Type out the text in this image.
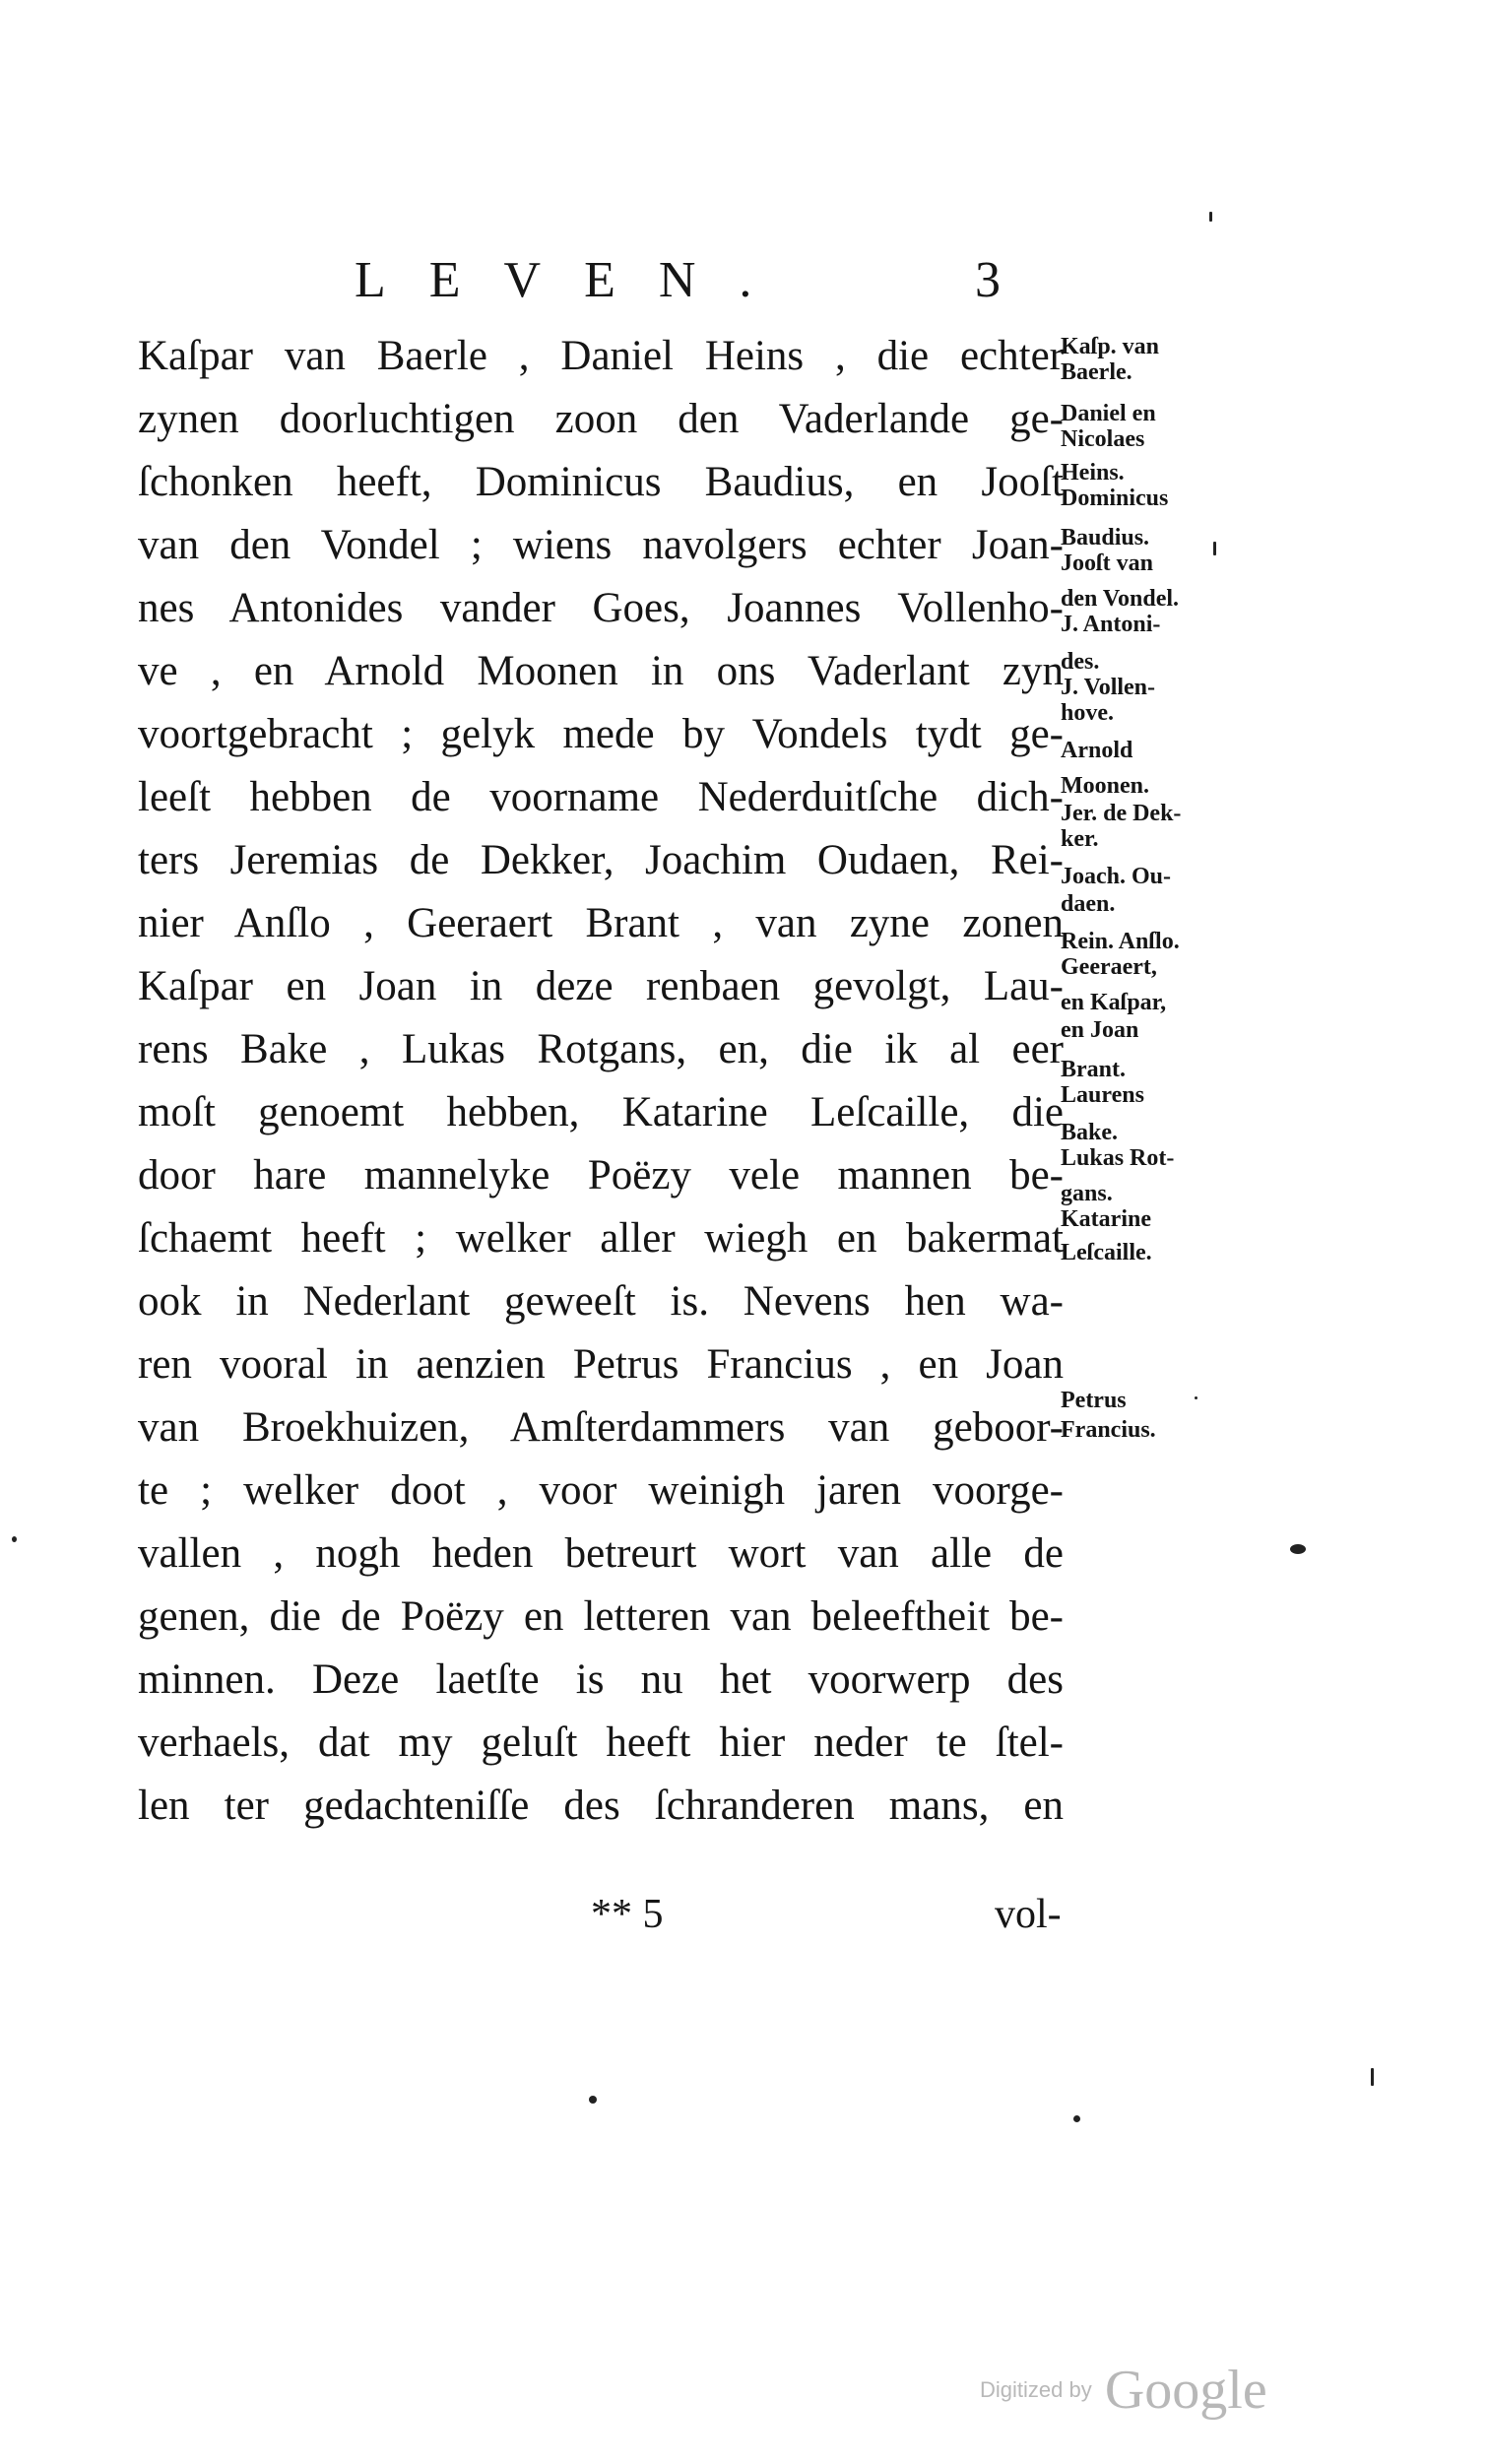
LEVEN.	3
Kaſpar van Baerle , Daniel Heins , die echter
zynen doorluchtigen zoon den Vaderlande ge-
ſchonken heeft, Dominicus Baudius, en Jooſt
van den Vondel ; wiens navolgers echter Joan-
nes Antonides vander Goes, Joannes Vollenho-
ve , en Arnold Moonen in ons Vaderlant zyn
voortgebracht ; gelyk mede by Vondels tydt ge-
leeſt hebben de voorname Nederduitſche dich-
ters Jeremias de Dekker, Joachim Oudaen, Rei-
nier Anſlo , Geeraert Brant , van zyne zonen
Kaſpar en Joan in deze renbaen gevolgt, Lau-
rens Bake , Lukas Rotgans, en, die ik al eer
moſt genoemt hebben, Katarine Leſcaille, die
door hare mannelyke Poëzy vele mannen be-
ſchaemt heeft ; welker aller wiegh en bakermat
ook in Nederlant geweeſt is. Nevens hen wa-
ren vooral in aenzien Petrus Francius , en Joan
van Broekhuizen, Amſterdammers van geboor-
te ; welker doot , voor weinigh jaren voorge-
vallen , nogh heden betreurt wort van alle de
genen, die de Poëzy en letteren van beleeftheit be-
minnen. Deze laetſte is nu het voorwerp des
verhaels, dat my geluſt heeft hier neder te ſtel-
len ter gedachteniſſe des ſchranderen mans, en
Kaſp. van
Baerle.
Daniel en
Nicolaes
Heins.
Dominicus
Baudius.
Jooſt van
den Vondel.
J. Antoni-
des.
J. Vollen-
hove.
Arnold
Moonen.
Jer. de Dek-
ker.
Joach. Ou-
daen.
Rein. Anſlo.
Geeraert,
en Kaſpar,
en Joan
Brant.
Laurens
Bake.
Lukas Rot-
gans.
Katarine
Leſcaille.
Petrus
Francius.
** 5	vol-
Digitized by Google
